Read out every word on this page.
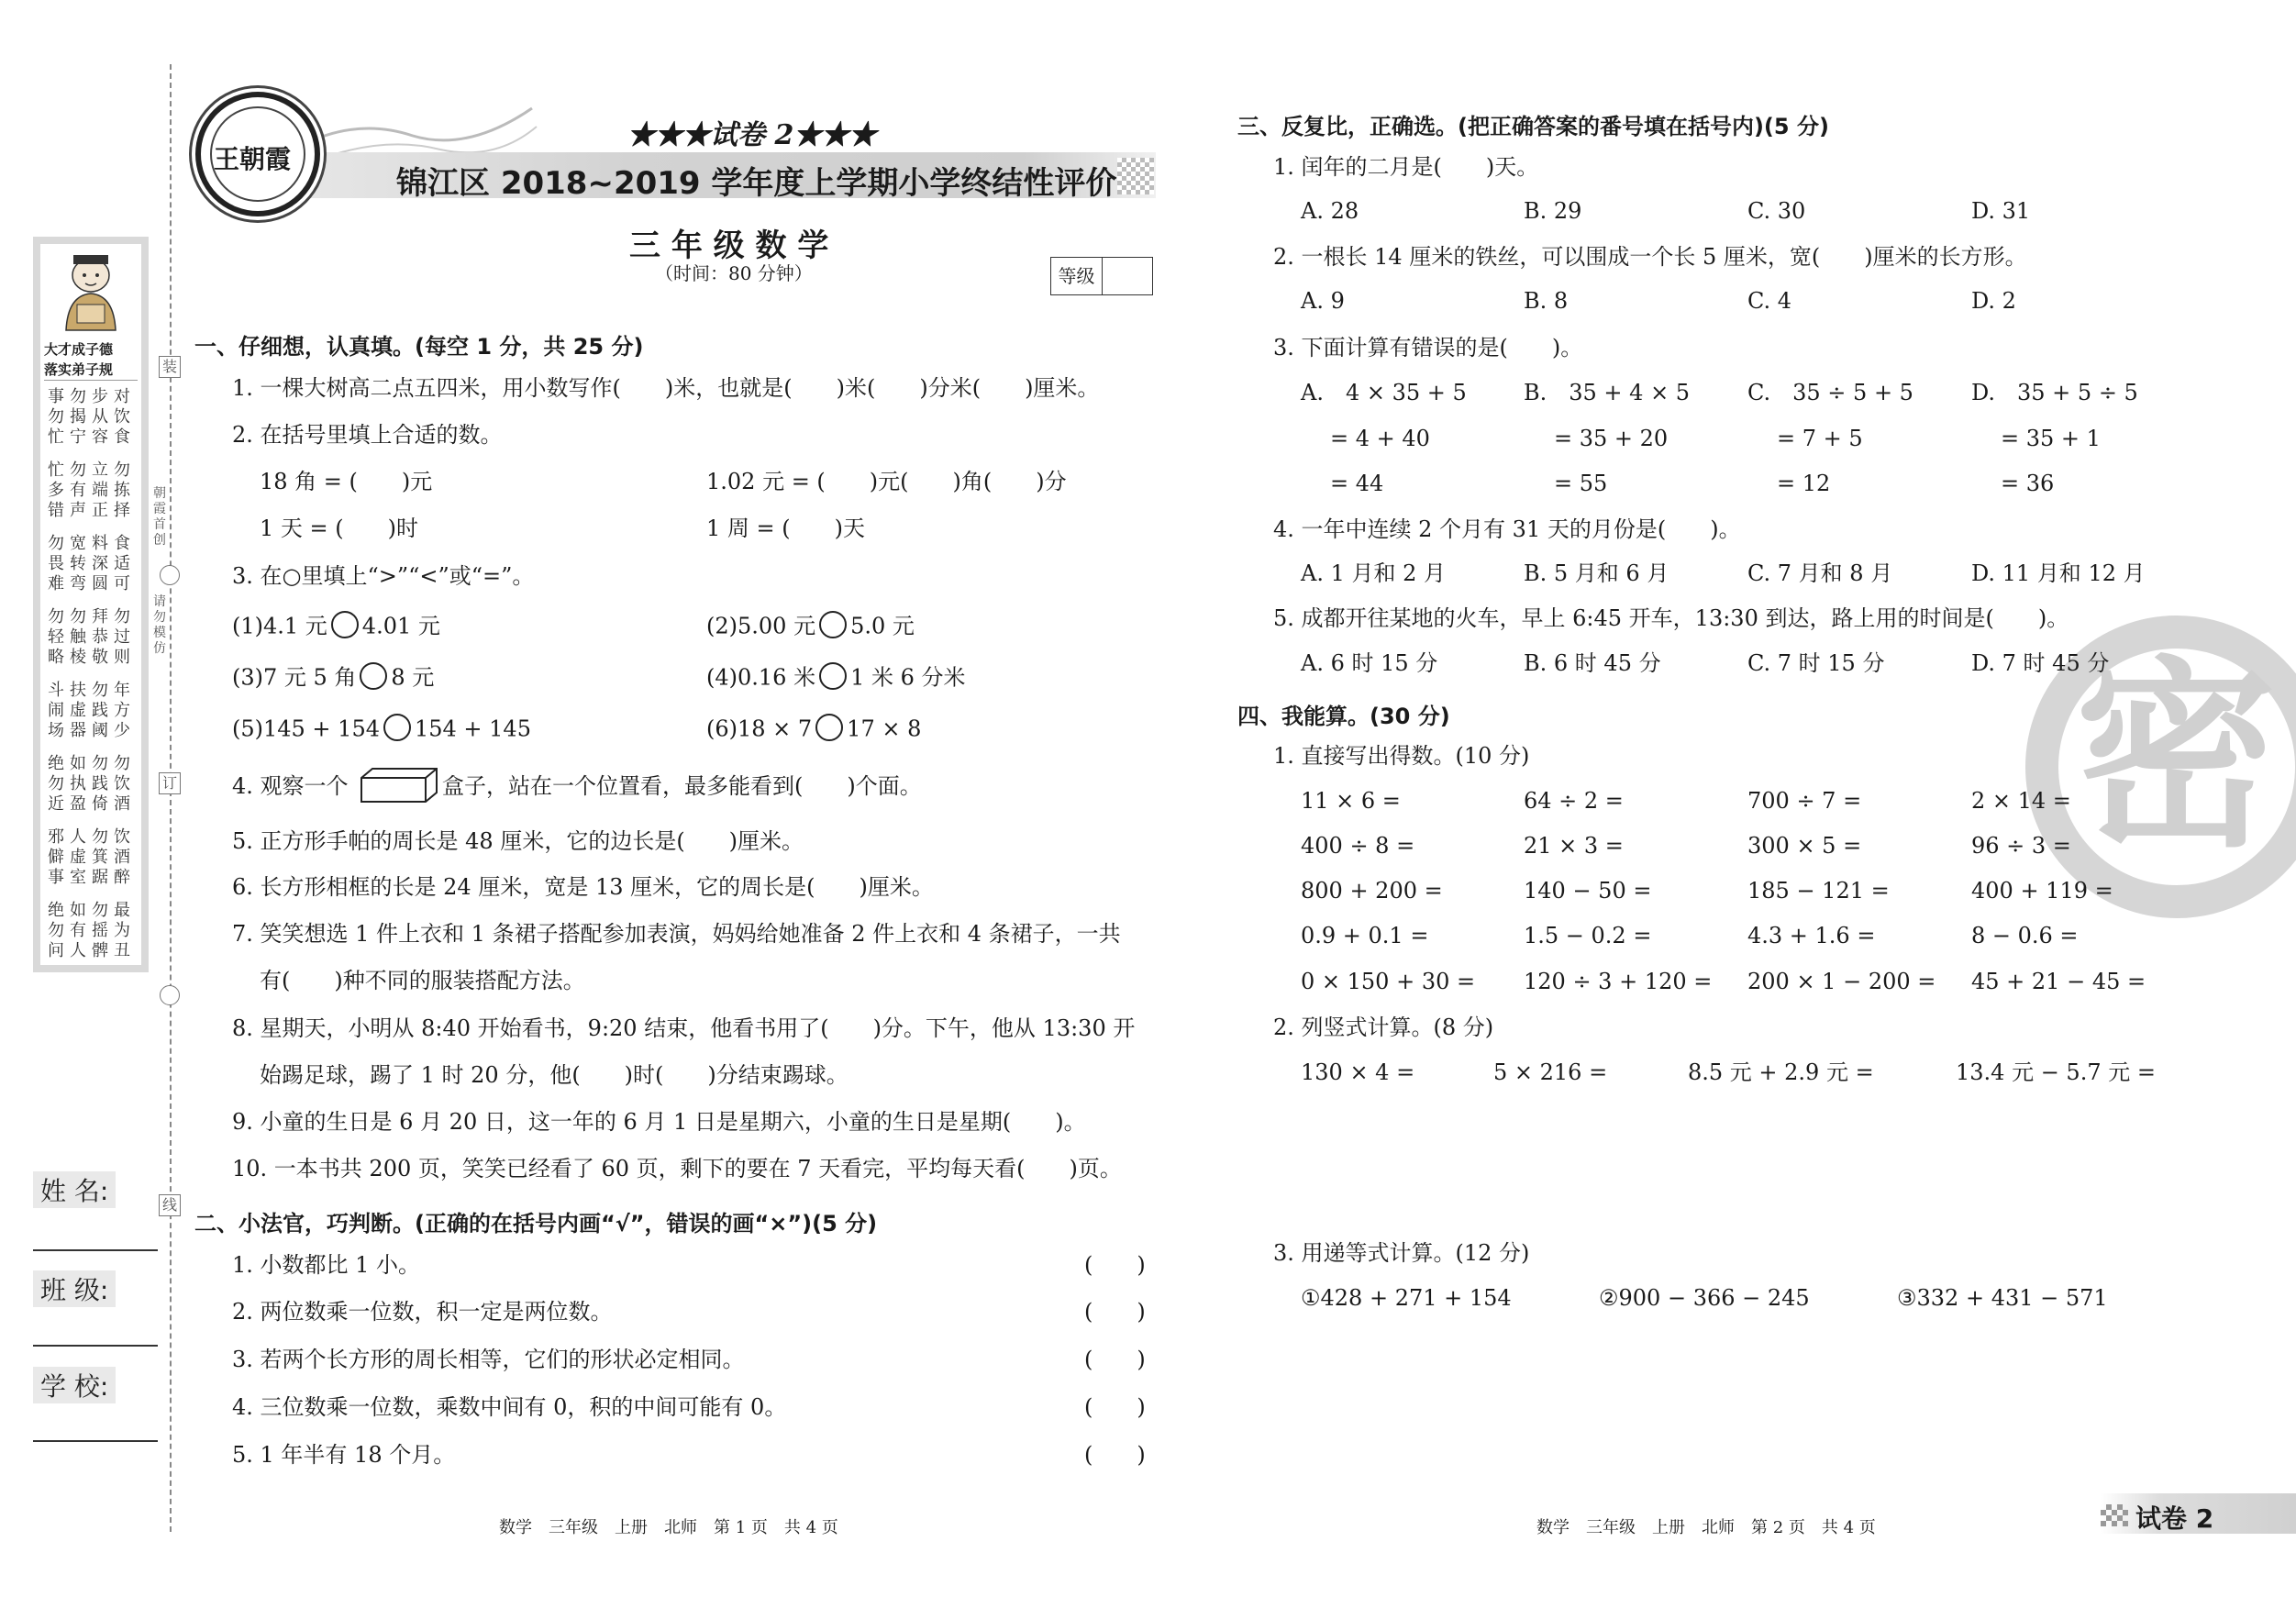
装
订
线
朝霞首创
请勿模仿
大才成子德
落实弟子规
事勿步对
勿揭从饮
忙宁容食
忙勿立勿
多有端拣
错声正择
勿宽料食
畏转深适
难弯圆可
勿勿拜勿
轻触恭过
略棱敬则
斗扶勿年
闹虚践方
场器阈少
绝如勿勿
勿执践饮
近盈倚酒
邪人勿饮
僻虚箕酒
事室踞醉
绝如勿最
勿有摇为
问人髀丑
姓 名:
班 级:
学 校:
王朝霞
★★★试卷 2★★★
锦江区 2018~2019 学年度上学期小学终结性评价
三 年 级 数 学
（时间：80 分钟）	等级
一、仔细想，认真填。(每空 1 分，共 25 分)
1. 一棵大树高二点五四米，用小数写作(　　)米，也就是(　　)米(　　)分米(　　)厘米。
2. 在括号里填上合适的数。
18 角 = (　　)元	1.02 元 = (　　)元(　　)角(　　)分
1 天 = (　　)时	1 周 = (　　)天
3. 在○里填上“>”“<”或“=”。
(1)4.1 元 4.01 元	(2)5.00 元 5.0 元
(3)7 元 5 角 8 元	(4)0.16 米 1 米 6 分米
(5)145 + 154 154 + 145	(6)18 × 7 17 × 8
4. 观察一个	盒子，站在一个位置看，最多能看到(　　)个面。
5. 正方形手帕的周长是 48 厘米，它的边长是(　　)厘米。
6. 长方形相框的长是 24 厘米，宽是 13 厘米，它的周长是(　　)厘米。
7. 笑笑想选 1 件上衣和 1 条裙子搭配参加表演，妈妈给她准备 2 件上衣和 4 条裙子，一共
有(　　)种不同的服装搭配方法。
8. 星期天，小明从 8:40 开始看书，9:20 结束，他看书用了(　　)分。下午，他从 13:30 开
始踢足球，踢了 1 时 20 分，他(　　)时(　　)分结束踢球。
9. 小童的生日是 6 月 20 日，这一年的 6 月 1 日是星期六，小童的生日是星期(　　)。
10. 一本书共 200 页，笑笑已经看了 60 页，剩下的要在 7 天看完，平均每天看(　　)页。
二、小法官，巧判断。(正确的在括号内画“√”，错误的画“×”)(5 分)
1. 小数都比 1 小。	(　　)
2. 两位数乘一位数，积一定是两位数。	(　　)
3. 若两个长方形的周长相等，它们的形状必定相同。	(　　)
4. 三位数乘一位数，乘数中间有 0，积的中间可能有 0。	(　　)
5. 1 年半有 18 个月。	(　　)
数学　三年级　上册　北师　第 1 页　共 4 页	数学　三年级　上册　北师　第 2 页　共 4 页	试卷 2
密
三、反复比，正确选。(把正确答案的番号填在括号内)(5 分)
1. 闰年的二月是(　　)天。
A. 28	B. 29	C. 30	D. 31
2. 一根长 14 厘米的铁丝，可以围成一个长 5 厘米，宽(　　)厘米的长方形。
A. 9	B. 8	C. 4	D. 2
3. 下面计算有错误的是(　　)。
A.　4 × 35 + 5	B.　35 + 4 × 5	C.　35 ÷ 5 + 5	D.　35 + 5 ÷ 5
= 4 + 40	= 35 + 20	= 7 + 5	= 35 + 1
= 44	= 55	= 12	= 36
4. 一年中连续 2 个月有 31 天的月份是(　　)。
A. 1 月和 2 月	B. 5 月和 6 月	C. 7 月和 8 月	D. 11 月和 12 月
5. 成都开往某地的火车，早上 6:45 开车，13:30 到达，路上用的时间是(　　)。
A. 6 时 15 分	B. 6 时 45 分	C. 7 时 15 分	D. 7 时 45 分
四、我能算。(30 分)
1. 直接写出得数。(10 分)
11 × 6 =	64 ÷ 2 =	700 ÷ 7 =	2 × 14 =
400 ÷ 8 =	21 × 3 =	300 × 5 =	96 ÷ 3 =
800 + 200 =	140 − 50 =	185 − 121 =	400 + 119 =
0.9 + 0.1 =	1.5 − 0.2 =	4.3 + 1.6 =	8 − 0.6 =
0 × 150 + 30 = 120 ÷ 3 + 120 = 200 × 1 − 200 = 45 + 21 − 45 =
2. 列竖式计算。(8 分)
130 × 4 =	5 × 216 =	8.5 元 + 2.9 元 =	13.4 元 − 5.7 元 =
3. 用递等式计算。(12 分)
①428 + 271 + 154	②900 − 366 − 245	③332 + 431 − 571
